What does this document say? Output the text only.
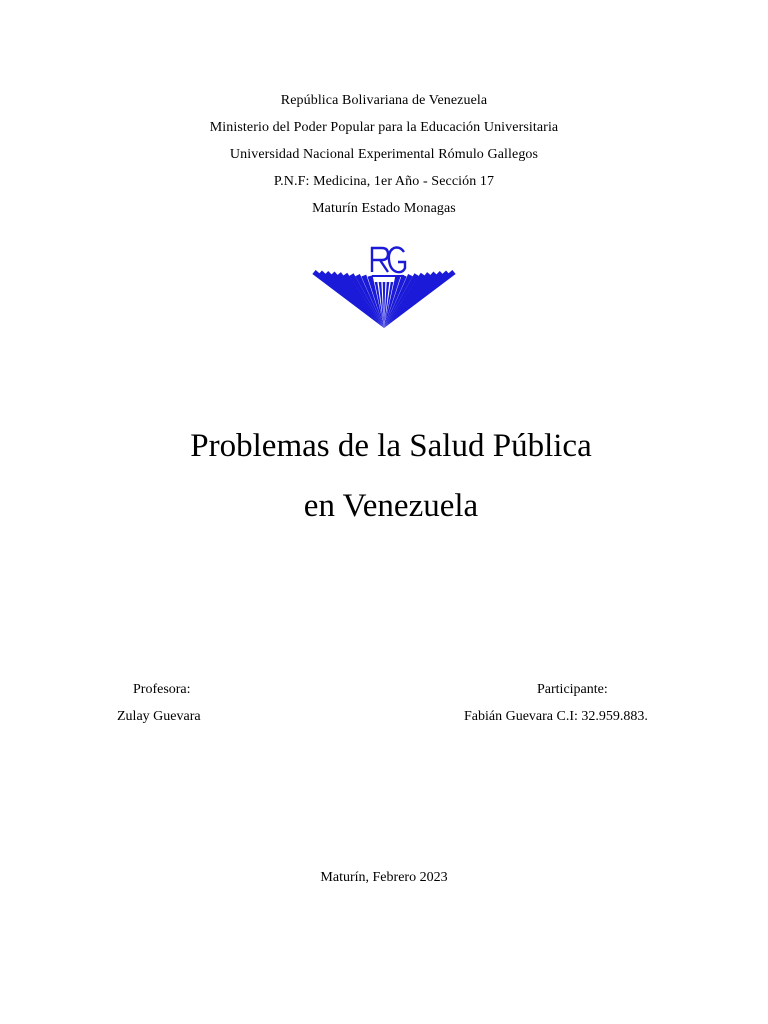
República Bolivariana de Venezuela
Ministerio del Poder Popular para la Educación Universitaria
Universidad Nacional Experimental Rómulo Gallegos
P.N.F: Medicina, 1er Año - Sección 17
Maturín Estado Monagas
Problemas de la Salud Pública
en Venezuela
Profesora:
Zulay Guevara
Participante:
Fabián Guevara C.I: 32.959.883.
Maturín, Febrero 2023
